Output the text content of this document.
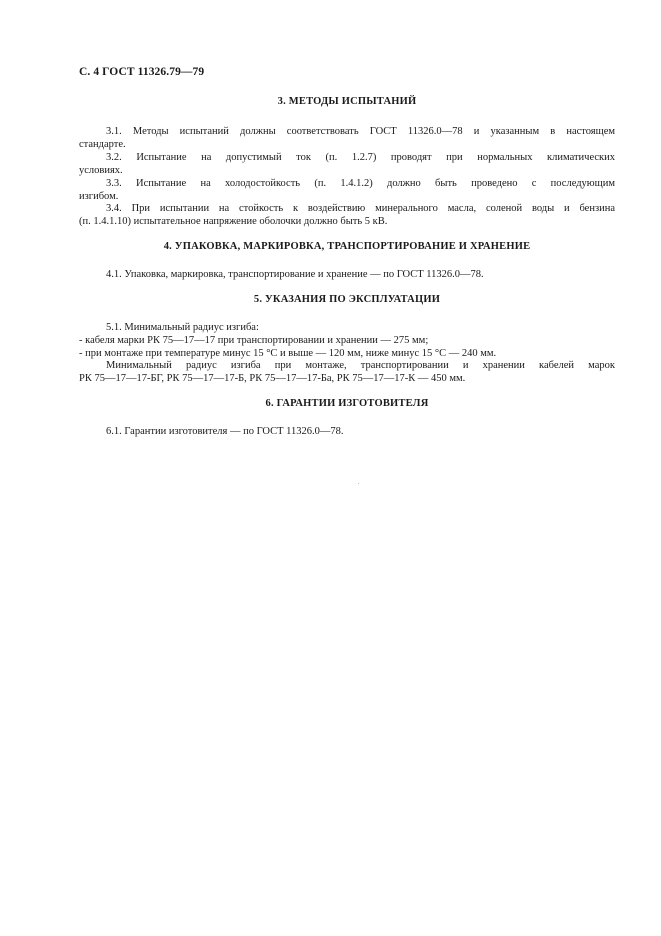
С. 4 ГОСТ 11326.79—79
3. МЕТОДЫ ИСПЫТАНИЙ
3.1. Методы испытаний должны соответствовать ГОСТ 11326.0—78 и указанным в настоящем
стандарте.
3.2. Испытание на допустимый ток (п. 1.2.7) проводят при нормальных климатических
условиях.
3.3. Испытание на холодостойкость (п. 1.4.1.2) должно быть проведено с последующим
изгибом.
3.4. При испытании на стойкость к воздействию минерального масла, соленой воды и бензина
(п. 1.4.1.10) испытательное напряжение оболочки должно быть 5 кВ.
4. УПАКОВКА, МАРКИРОВКА, ТРАНСПОРТИРОВАНИЕ И ХРАНЕНИЕ
4.1. Упаковка, маркировка, транспортирование и хранение — по ГОСТ 11326.0—78.
5. УКАЗАНИЯ ПО ЭКСПЛУАТАЦИИ
5.1. Минимальный радиус изгиба:
- кабеля марки РК 75—17—17 при транспортировании и хранении — 275 мм;
- при монтаже при температуре минус 15 °С и выше — 120 мм, ниже минус 15 °С — 240 мм.
Минимальный радиус изгиба при монтаже, транспортировании и хранении кабелей марок
РК 75—17—17-БГ, РК 75—17—17-Б, РК 75—17—17-Ба, РК 75—17—17-К — 450 мм.
6. ГАРАНТИИ ИЗГОТОВИТЕЛЯ
6.1. Гарантии изготовителя — по ГОСТ 11326.0—78.
